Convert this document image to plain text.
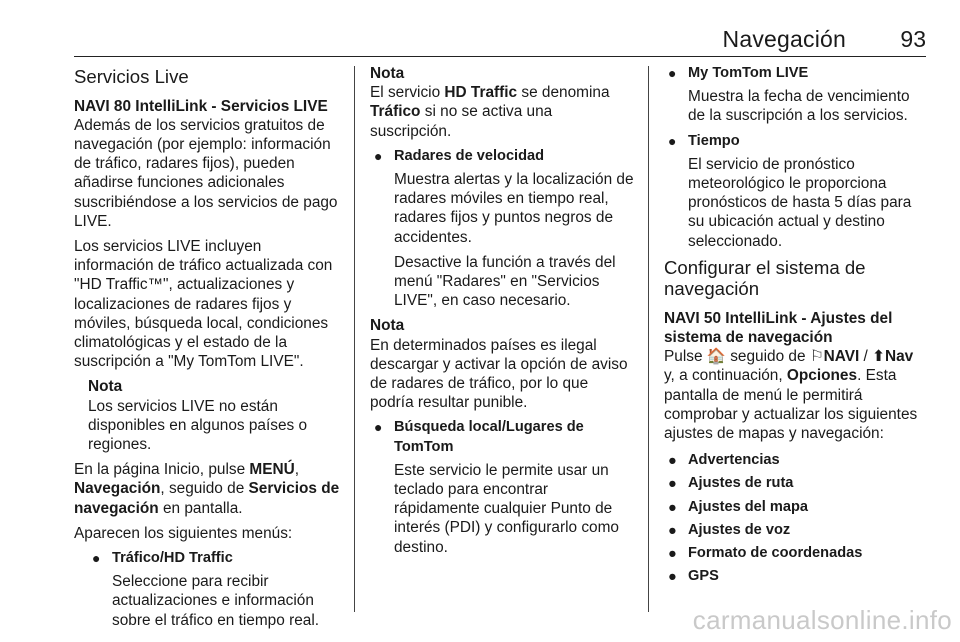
Navegación 93
Servicios Live
NAVI 80 IntelliLink - Servicios LIVE

Además de los servicios gratuitos de navegación (por ejemplo: información de tráfico, radares fijos), pueden añadirse funciones adicionales suscribiéndose a los servicios de pago LIVE.

Los servicios LIVE incluyen información de tráfico actualizada con "HD Traffic™", actualizaciones y localizaciones de radares fijos y móviles, búsqueda local, condiciones climatológicas y el estado de la suscripción a "My TomTom LIVE".

Nota
Los servicios LIVE no están disponibles en algunos países o regiones.

En la página Inicio, pulse MENÚ, Navegación, seguido de Servicios de navegación en pantalla.

Aparecen los siguientes menús:

● Tráfico/HD Traffic

Seleccione para recibir actualizaciones e información sobre el tráfico en tiempo real.

Nota
El servicio HD Traffic se denomina Tráfico si no se activa una suscripción.
● Radares de velocidad

Muestra alertas y la localización de radares móviles en tiempo real, radares fijos y puntos negros de accidentes.

Desactive la función a través del menú "Radares" en "Servicios LIVE", en caso necesario.

Nota
En determinados países es ilegal descargar y activar la opción de aviso de radares de tráfico, por lo que podría resultar punible.
● Búsqueda local/Lugares de TomTom

Este servicio le permite usar un teclado para encontrar rápidamente cualquier Punto de interés (PDI) y configurarlo como destino.

● My TomTom LIVE

Muestra la fecha de vencimiento de la suscripción a los servicios.

● Tiempo

El servicio de pronóstico meteorológico le proporciona pronósticos de hasta 5 días para su ubicación actual y destino seleccionado.

Configurar el sistema de navegación
NAVI 50 IntelliLink - Ajustes del sistema de navegación

Pulse 🏠 seguido de ⚐NAVI / ⬆Nav y, a continuación, Opciones. Esta pantalla de menú le permitirá comprobar y actualizar los siguientes ajustes de mapas y navegación:

● Advertencias
● Ajustes de ruta
● Ajustes del mapa
● Ajustes de voz
● Formato de coordenadas
● GPS
carmanualsonline.info
